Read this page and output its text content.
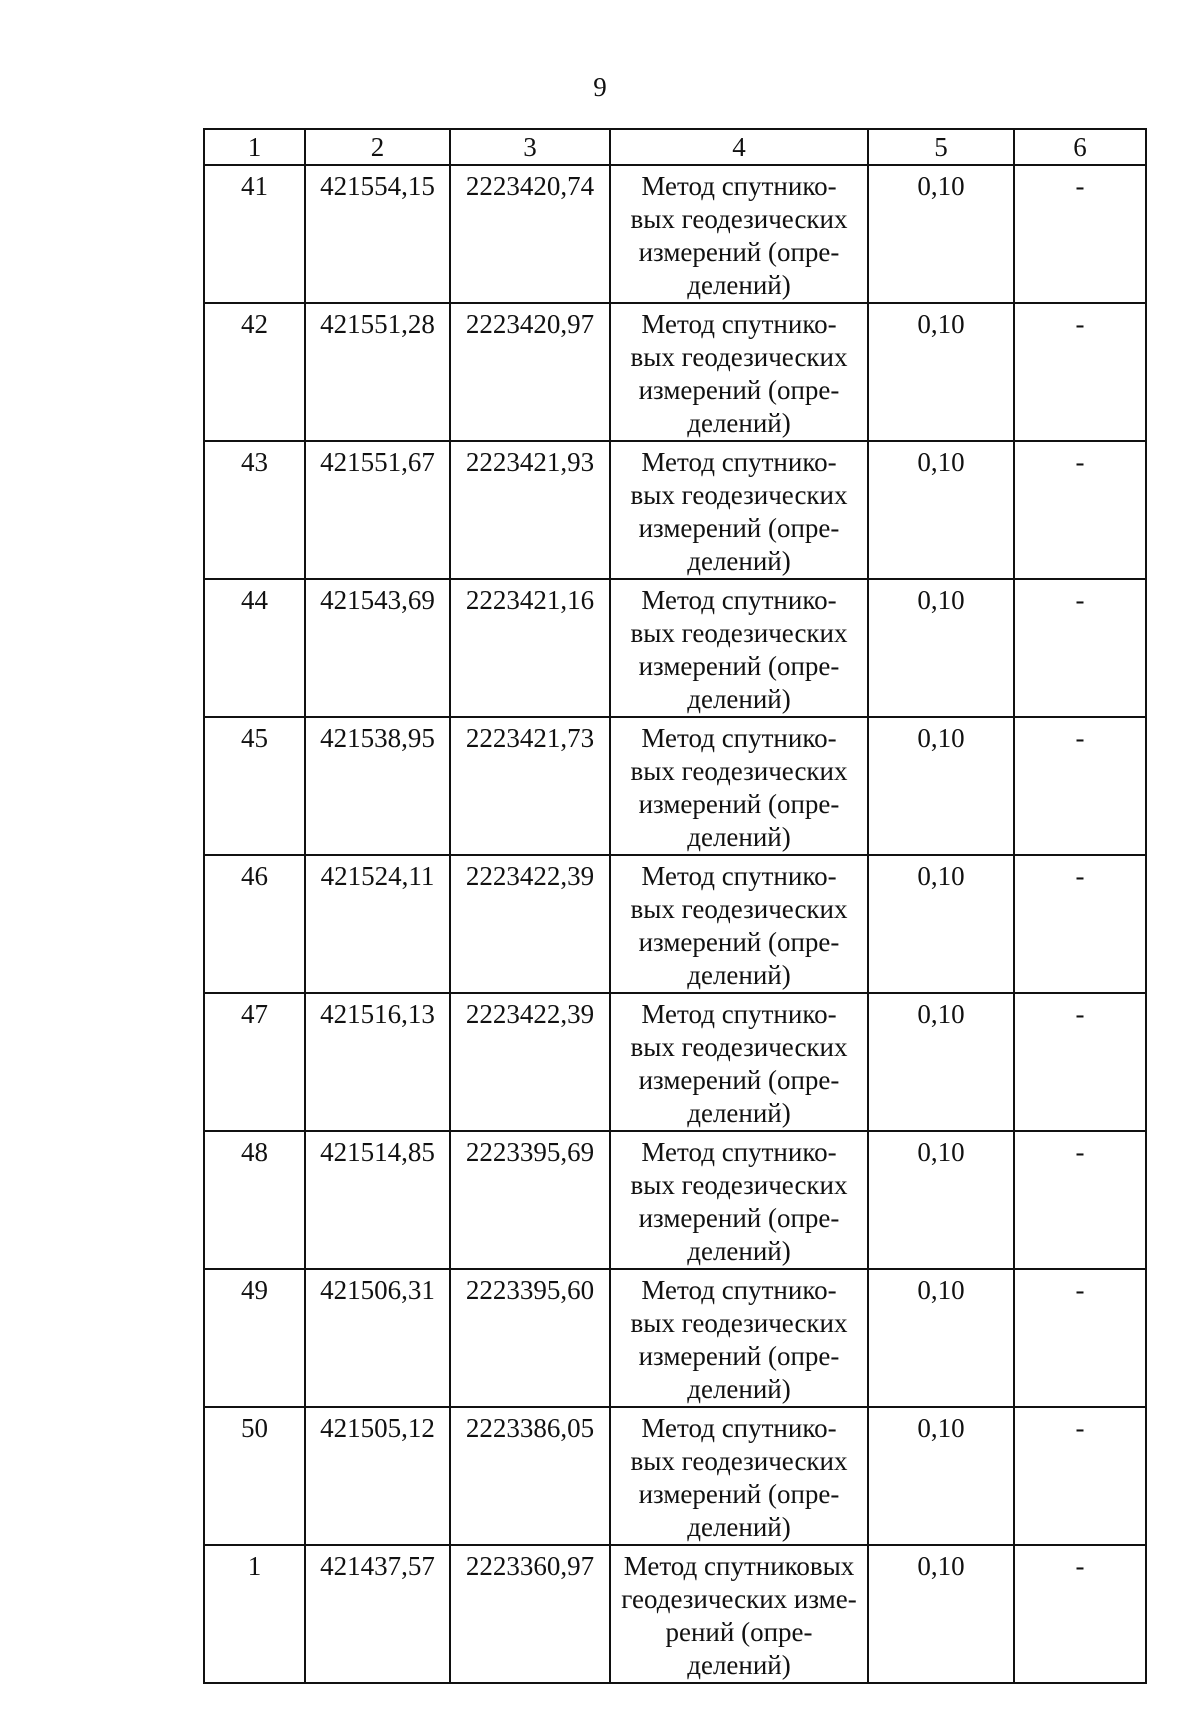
9
1	2	3	4	5	6
41	421554,15	2223420,74	Метод спутнико-
вых геодезических
измерений (опре-
делений)	0,10	-
42	421551,28	2223420,97	Метод спутнико-
вых геодезических
измерений (опре-
делений)	0,10	-
43	421551,67	2223421,93	Метод спутнико-
вых геодезических
измерений (опре-
делений)	0,10	-
44	421543,69	2223421,16	Метод спутнико-
вых геодезических
измерений (опре-
делений)	0,10	-
45	421538,95	2223421,73	Метод спутнико-
вых геодезических
измерений (опре-
делений)	0,10	-
46	421524,11	2223422,39	Метод спутнико-
вых геодезических
измерений (опре-
делений)	0,10	-
47	421516,13	2223422,39	Метод спутнико-
вых геодезических
измерений (опре-
делений)	0,10	-
48	421514,85	2223395,69	Метод спутнико-
вых геодезических
измерений (опре-
делений)	0,10	-
49	421506,31	2223395,60	Метод спутнико-
вых геодезических
измерений (опре-
делений)	0,10	-
50	421505,12	2223386,05	Метод спутнико-
вых геодезических
измерений (опре-
делений)	0,10	-
1	421437,57	2223360,97	Метод спутниковых
геодезических изме-
рений (опре-
делений)	0,10	-
